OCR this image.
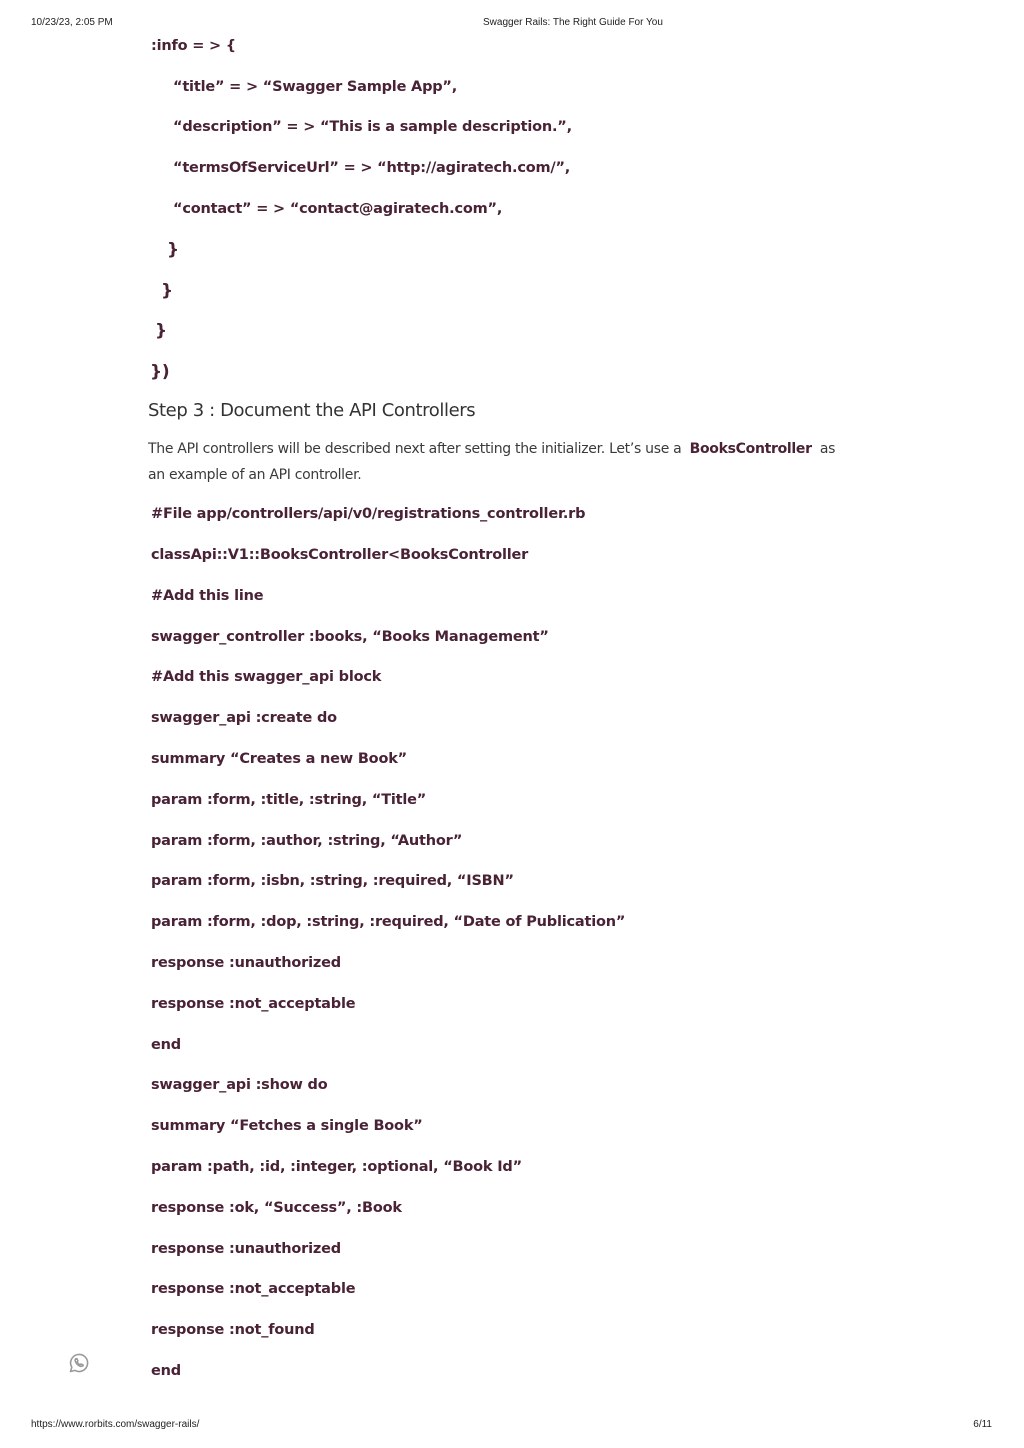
10/23/23, 2:05 PM	Swagger Rails: The Right Guide For You
:info = > {
“title” = > “Swagger Sample App”,
“description” = > “This is a sample description.”,
“termsOfServiceUrl” = > “http://agiratech.com/”,
“contact” = > “contact@agiratech.com”,
}
}
}
})
Step 3 : Document the API Controllers
The API controllers will be described next after setting the initializer. Let’s use a BooksController as an example of an API controller.
#File app/controllers/api/v0/registrations_controller.rb
classApi::V1::BooksController<BooksController
#Add this line
swagger_controller :books, “Books Management”
#Add this swagger_api block
swagger_api :create do
summary “Creates a new Book”
param :form, :title, :string, “Title”
param :form, :author, :string, “Author”
param :form, :isbn, :string, :required, “ISBN”
param :form, :dop, :string, :required, “Date of Publication”
response :unauthorized
response :not_acceptable
end
swagger_api :show do
summary “Fetches a single Book”
param :path, :id, :integer, :optional, “Book Id”
response :ok, “Success”, :Book
response :unauthorized
response :not_acceptable
response :not_found
end
https://www.rorbits.com/swagger-rails/	6/11
